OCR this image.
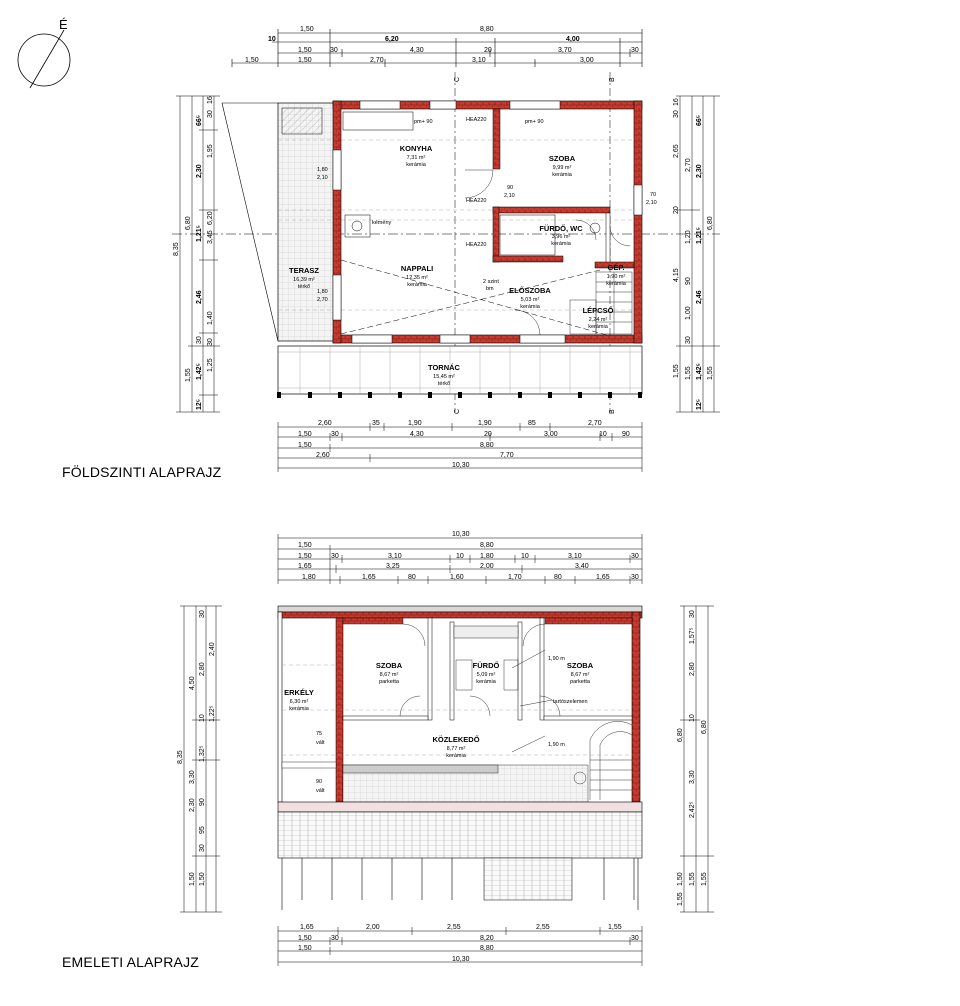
É	1,50	8,80
10	6,20	4,00
1,50	30	4,30	20	3,70	30
1,50	1,50	2,70	3,10	3,00
C	B
KONYHA
7,31 m²
kerámia
SZOBA
9,99 m²
kerámia
FÜRDŐ, WC
3,96 m²
kerámia
TERASZ
16,39 m²
térkő
NAPPALI
12,35 m²
kerámia
ELŐSZOBA
5,03 m²
kerámia
GÉP.
1,90 m²
kerámia
LÉPCSŐ
2,24 m²
kerámia
TORNÁC
15,45 m²
térkő
HEA220
HEA220
HEA220
kémény
2 szint
bm
pm+ 90	pm+ 90
90
2,10
1,80
2,10
1,80
2,70
70
2,10
2,60	35	1,90	1,90	85	2,70
1,50	30	4,30	20	3,00	10 90
1,50	8,80
2,60	7,70
10,30
8,35
6,80
1,55
66⁵
2,30
1,21⁵
2,46
30
1,42⁵
12⁵
16
30
1,95
3,45
1,40
1,25
30
6,20
16
30
2,65
20
4,15
1,55
66⁵
2,30
1,21⁵
2,46
1,42⁵
12⁵
2,70
1,20
90
1,00
30
1,55
6,80
1,55
C	B
10,30
1,50	8,80
1,50	30	3,10	10 1,80	10	3,10	30
1,65	3,25	2,00	3,40
1,80	1,65	80	1,60	1,70	80	1,65	30
SZOBA
8,67 m²
parketta
FÜRDŐ
5,09 m²
kerámia
SZOBA
8,67 m²
parketta
ERKÉLY
6,30 m²
kerámia
KÖZLEKEDŐ
8,77 m²
kerámia
1,90 m
1,90 m
tartószelemen
75
vált
90
vált
1,65	2,00	2,55	2,55	1,55
1,50	30	8,20	30
1,50	8,80
10,30
8,35
4,50
3,30
2,30
1,50
30
2,80
10
1,32⁵
90
95
30
1,50
2,40
1,22⁵
30
1,57⁵
2,80
10
3,30
2,42⁵
1,55
6,80
1,50
1,55
6,80
1,55
FÖLDSZINTI ALAPRAJZ
EMELETI ALAPRAJZ
